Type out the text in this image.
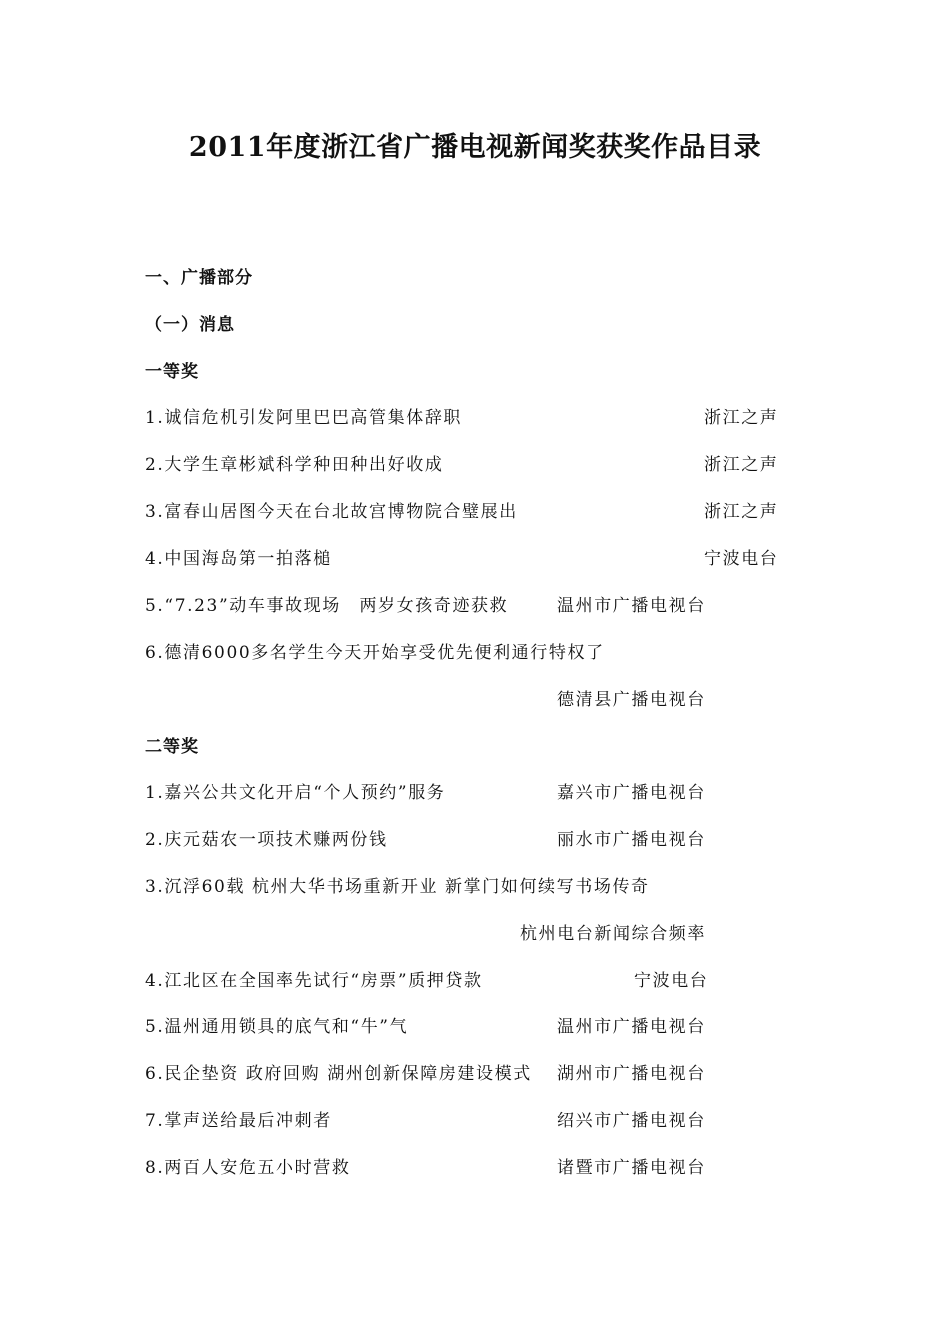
2011年度浙江省广播电视新闻奖获奖作品目录
一、广播部分
（一）消息
一等奖
1.诚信危机引发阿里巴巴高管集体辞职	浙江之声
2.大学生章彬斌科学种田种出好收成	浙江之声
3.富春山居图今天在台北故宫博物院合璧展出	浙江之声
4.中国海岛第一拍落槌	宁波电台
5.“7.23”动车事故现场　两岁女孩奇迹获救	温州市广播电视台
6.德清6000多名学生今天开始享受优先便利通行特权了
德清县广播电视台
二等奖
1.嘉兴公共文化开启“个人预约”服务	嘉兴市广播电视台
2.庆元菇农一项技术赚两份钱	丽水市广播电视台
3.沉浮60载 杭州大华书场重新开业 新掌门如何续写书场传奇
杭州电台新闻综合频率
4.江北区在全国率先试行“房票”质押贷款	宁波电台
5.温州通用锁具的底气和“牛”气	温州市广播电视台
6.民企垫资 政府回购 湖州创新保障房建设模式 湖州市广播电视台
7.掌声送给最后冲刺者	绍兴市广播电视台
8.两百人安危五小时营救	诸暨市广播电视台
